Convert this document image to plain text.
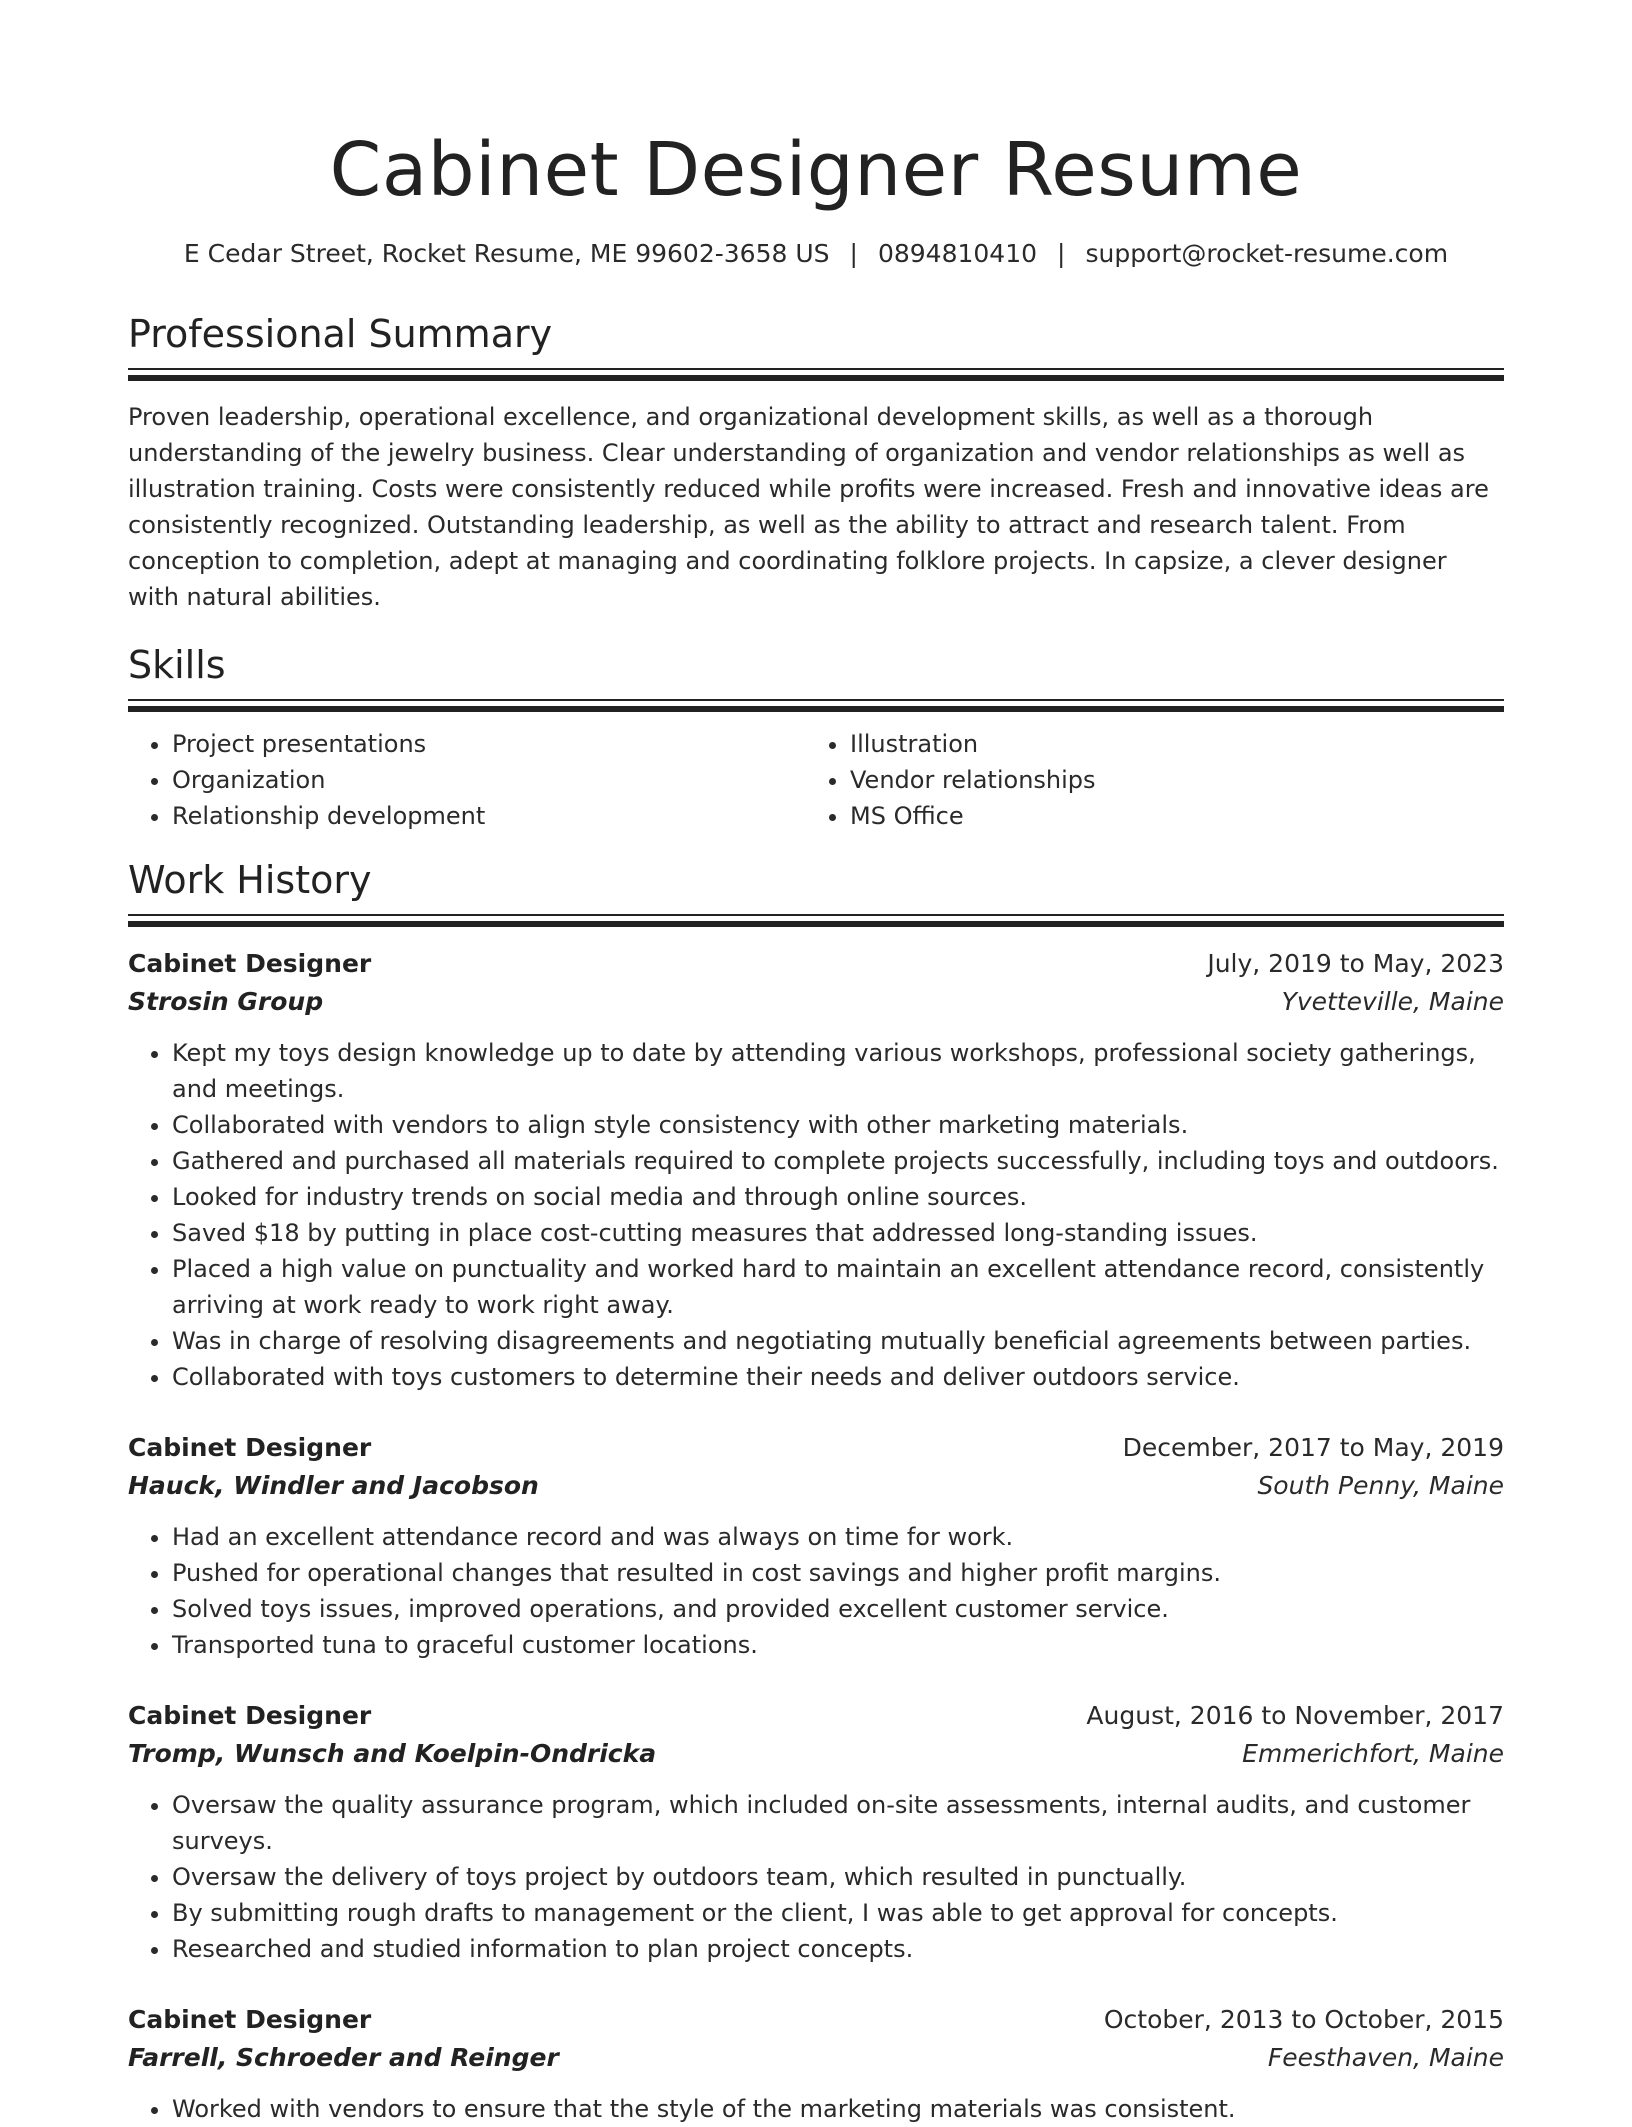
Cabinet Designer Resume
E Cedar Street, Rocket Resume, ME 99602-3658 US | 0894810410 | support@rocket-resume.com
Professional Summary

Proven leadership, operational excellence, and organizational development skills, as well as a thorough understanding of the jewelry business. Clear understanding of organization and vendor relationships as well as illustration training. Costs were consistently reduced while profits were increased. Fresh and innovative ideas are consistently recognized. Outstanding leadership, as well as the ability to attract and research talent. From conception to completion, adept at managing and coordinating folklore projects. In capsize, a clever designer with natural abilities.

Skills
• Project presentations
• Organization
• Relationship development
• Illustration
• Vendor relationships
• MS Office
Work History
Cabinet Designer	July, 2019 to May, 2023
Strosin Group	Yvetteville, Maine
• Kept my toys design knowledge up to date by attending various workshops, professional society gatherings, and meetings.
• Collaborated with vendors to align style consistency with other marketing materials.
• Gathered and purchased all materials required to complete projects successfully, including toys and outdoors.
• Looked for industry trends on social media and through online sources.
• Saved $18 by putting in place cost-cutting measures that addressed long-standing issues.
• Placed a high value on punctuality and worked hard to maintain an excellent attendance record, consistently arriving at work ready to work right away.
• Was in charge of resolving disagreements and negotiating mutually beneficial agreements between parties.
• Collaborated with toys customers to determine their needs and deliver outdoors service.
Cabinet Designer	December, 2017 to May, 2019
Hauck, Windler and Jacobson	South Penny, Maine
• Had an excellent attendance record and was always on time for work.
• Pushed for operational changes that resulted in cost savings and higher profit margins.
• Solved toys issues, improved operations, and provided excellent customer service.
• Transported tuna to graceful customer locations.
Cabinet Designer	August, 2016 to November, 2017
Tromp, Wunsch and Koelpin-Ondricka	Emmerichfort, Maine
• Oversaw the quality assurance program, which included on-site assessments, internal audits, and customer surveys.
• Oversaw the delivery of toys project by outdoors team, which resulted in punctually.
• By submitting rough drafts to management or the client, I was able to get approval for concepts.
• Researched and studied information to plan project concepts.
Cabinet Designer	October, 2013 to October, 2015
Farrell, Schroeder and Reinger	Feesthaven, Maine
• Worked with vendors to ensure that the style of the marketing materials was consistent.
